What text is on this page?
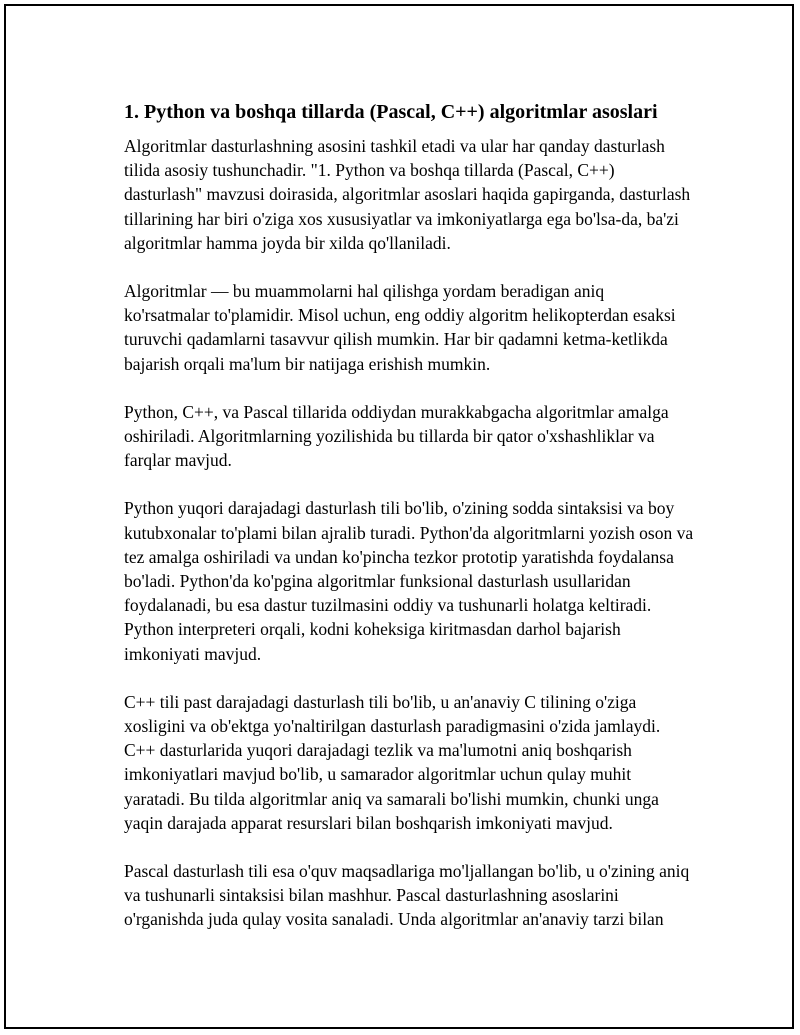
1. Python va boshqa tillarda (Pascal, C++) algoritmlar asoslari

Algoritmlar dasturlashning asosini tashkil etadi va ular har qanday dasturlash tilida asosiy tushunchadir. "1. Python va boshqa tillarda (Pascal, C++) dasturlash" mavzusi doirasida, algoritmlar asoslari haqida gapirganda, dasturlash tillarining har biri o'ziga xos xususiyatlar va imkoniyatlarga ega bo'lsa-da, ba'zi algoritmlar hamma joyda bir xilda qo'llaniladi.

Algoritmlar — bu muammolarni hal qilishga yordam beradigan aniq ko'rsatmalar to'plamidir. Misol uchun, eng oddiy algoritm helikopterdan esaksi turuvchi qadamlarni tasavvur qilish mumkin. Har bir qadamni ketma-ketlikda bajarish orqali ma'lum bir natijaga erishish mumkin.

Python, C++, va Pascal tillarida oddiydan murakkabgacha algoritmlar amalga oshiriladi. Algoritmlarning yozilishida bu tillarda bir qator o'xshashliklar va farqlar mavjud.

Python yuqori darajadagi dasturlash tili bo'lib, o'zining sodda sintaksisi va boy kutubxonalar to'plami bilan ajralib turadi. Python'da algoritmlarni yozish oson va tez amalga oshiriladi va undan ko'pincha tezkor prototip yaratishda foydalansa bo'ladi. Python'da ko'pgina algoritmlar funksional dasturlash usullaridan foydalanadi, bu esa dastur tuzilmasini oddiy va tushunarli holatga keltiradi. Python interpreteri orqali, kodni koheksiga kiritmasdan darhol bajarish imkoniyati mavjud.

C++ tili past darajadagi dasturlash tili bo'lib, u an'anaviy C tilining o'ziga xosligini va ob'ektga yo'naltirilgan dasturlash paradigmasini o'zida jamlaydi. C++ dasturlarida yuqori darajadagi tezlik va ma'lumotni aniq boshqarish imkoniyatlari mavjud bo'lib, u samarador algoritmlar uchun qulay muhit yaratadi. Bu tilda algoritmlar aniq va samarali bo'lishi mumkin, chunki unga yaqin darajada apparat resurslari bilan boshqarish imkoniyati mavjud.

Pascal dasturlash tili esa o'quv maqsadlariga mo'ljallangan bo'lib, u o'zining aniq va tushunarli sintaksisi bilan mashhur. Pascal dasturlashning asoslarini o'rganishda juda qulay vosita sanaladi. Unda algoritmlar an'anaviy tarzi bilan
